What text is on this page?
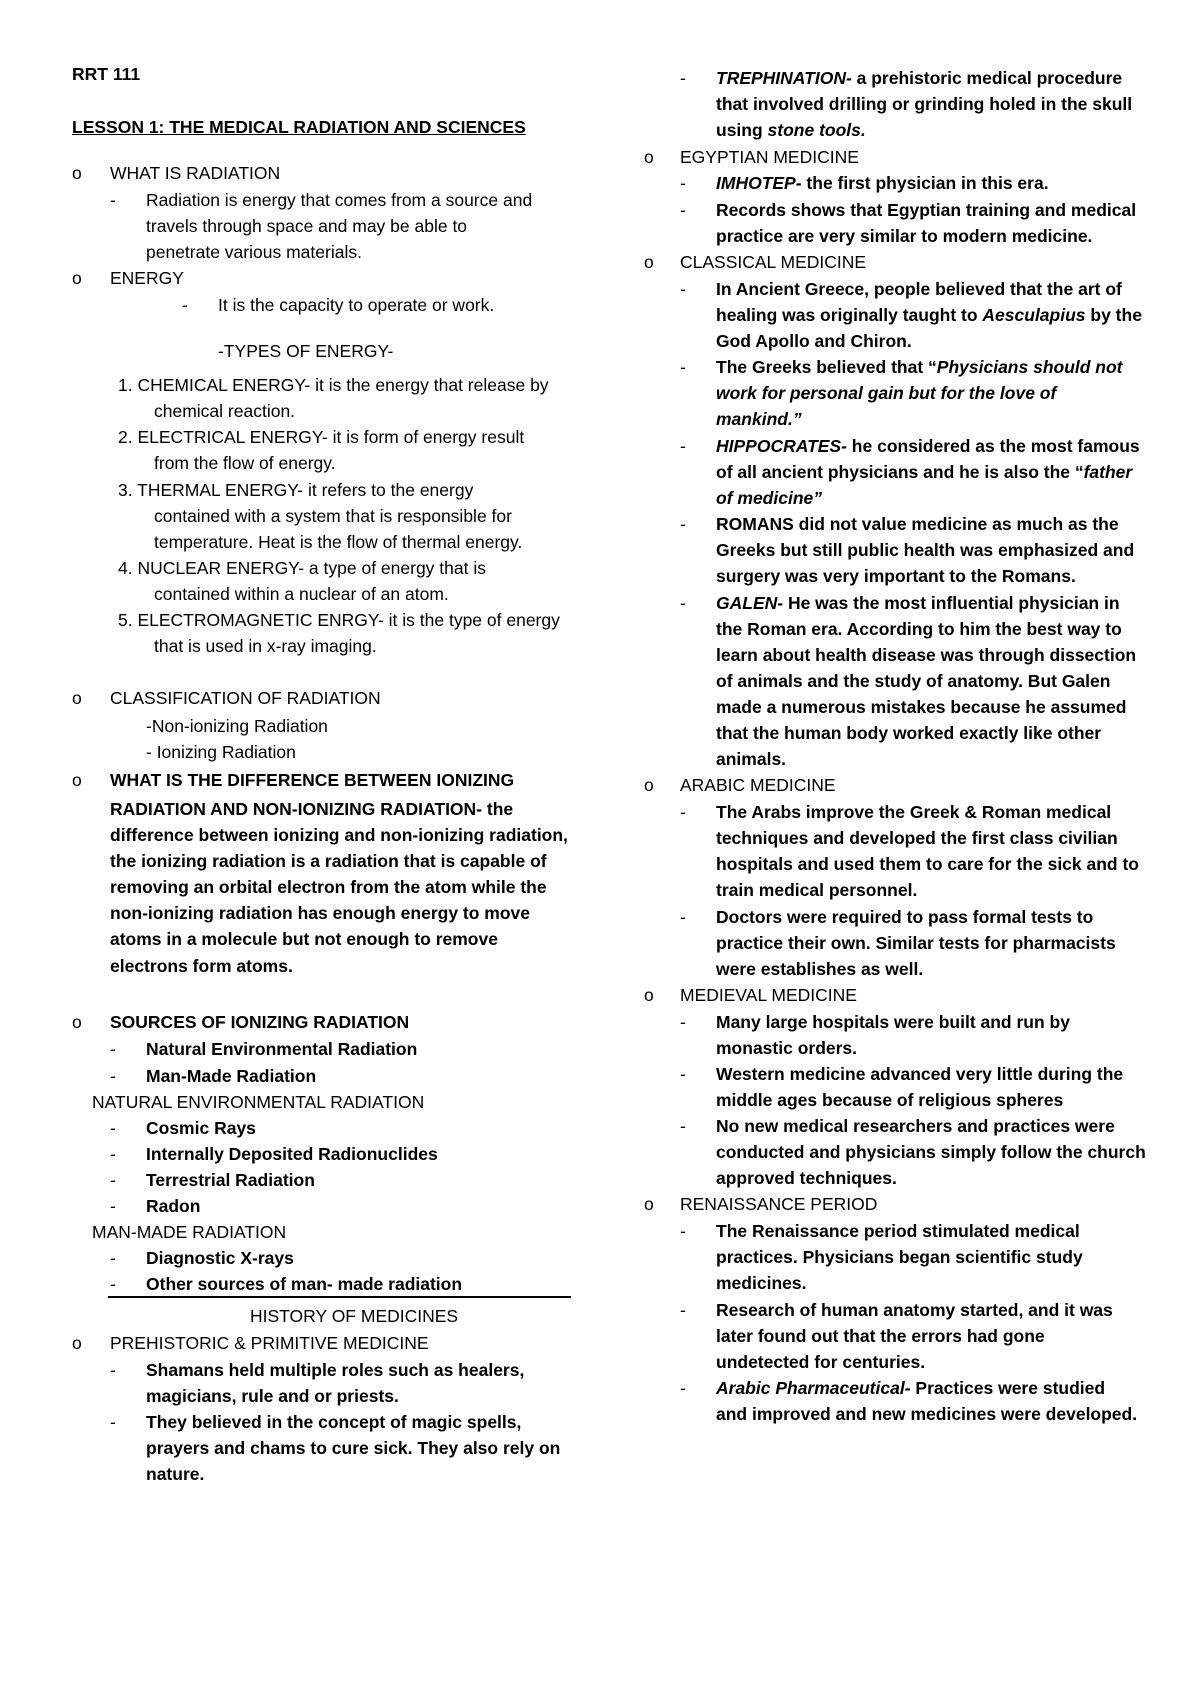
RRT 111
LESSON 1: THE MEDICAL RADIATION AND SCIENCES
o WHAT IS RADIATION
- Radiation is energy that comes from a source and
travels through space and may be able to
penetrate various materials.
o ENERGY
- It is the capacity to operate or work.
-TYPES OF ENERGY-
1. CHEMICAL ENERGY- it is the energy that release by
chemical reaction.
2. ELECTRICAL ENERGY- it is form of energy result
from the flow of energy.
3. THERMAL ENERGY- it refers to the energy
contained with a system that is responsible for
temperature. Heat is the flow of thermal energy.
4. NUCLEAR ENERGY- a type of energy that is
contained within a nuclear of an atom.
5. ELECTROMAGNETIC ENRGY- it is the type of energy
that is used in x-ray imaging.
o CLASSIFICATION OF RADIATION
-Non-ionizing Radiation
- Ionizing Radiation
o WHAT IS THE DIFFERENCE BETWEEN IONIZING
RADIATION AND NON-IONIZING RADIATION- the
difference between ionizing and non-ionizing radiation,
the ionizing radiation is a radiation that is capable of
removing an orbital electron from the atom while the
non-ionizing radiation has enough energy to move
atoms in a molecule but not enough to remove
electrons form atoms.
o SOURCES OF IONIZING RADIATION
- Natural Environmental Radiation
- Man-Made Radiation
NATURAL ENVIRONMENTAL RADIATION
- Cosmic Rays
- Internally Deposited Radionuclides
- Terrestrial Radiation
- Radon
MAN-MADE RADIATION
- Diagnostic X-rays
- Other sources of man- made radiation
HISTORY OF MEDICINES
o PREHISTORIC & PRIMITIVE MEDICINE
- Shamans held multiple roles such as healers,
magicians, rule and or priests.
- They believed in the concept of magic spells,
prayers and chams to cure sick. They also rely on
nature.
- TREPHINATION- a prehistoric medical procedure
that involved drilling or grinding holed in the skull
using stone tools.
o EGYPTIAN MEDICINE
- IMHOTEP- the first physician in this era.
- Records shows that Egyptian training and medical
practice are very similar to modern medicine.
o CLASSICAL MEDICINE
- In Ancient Greece, people believed that the art of
healing was originally taught to Aesculapius by the
God Apollo and Chiron.
- The Greeks believed that “Physicians should not
work for personal gain but for the love of
mankind.”
- HIPPOCRATES- he considered as the most famous
of all ancient physicians and he is also the “father
of medicine”
- ROMANS did not value medicine as much as the
Greeks but still public health was emphasized and
surgery was very important to the Romans.
- GALEN- He was the most influential physician in
the Roman era. According to him the best way to
learn about health disease was through dissection
of animals and the study of anatomy. But Galen
made a numerous mistakes because he assumed
that the human body worked exactly like other
animals.
o ARABIC MEDICINE
- The Arabs improve the Greek & Roman medical
techniques and developed the first class civilian
hospitals and used them to care for the sick and to
train medical personnel.
- Doctors were required to pass formal tests to
practice their own. Similar tests for pharmacists
were establishes as well.
o MEDIEVAL MEDICINE
- Many large hospitals were built and run by
monastic orders.
- Western medicine advanced very little during the
middle ages because of religious spheres
- No new medical researchers and practices were
conducted and physicians simply follow the church
approved techniques.
o RENAISSANCE PERIOD
- The Renaissance period stimulated medical
practices. Physicians began scientific study
medicines.
- Research of human anatomy started, and it was
later found out that the errors had gone
undetected for centuries.
- Arabic Pharmaceutical- Practices were studied
and improved and new medicines were developed.
